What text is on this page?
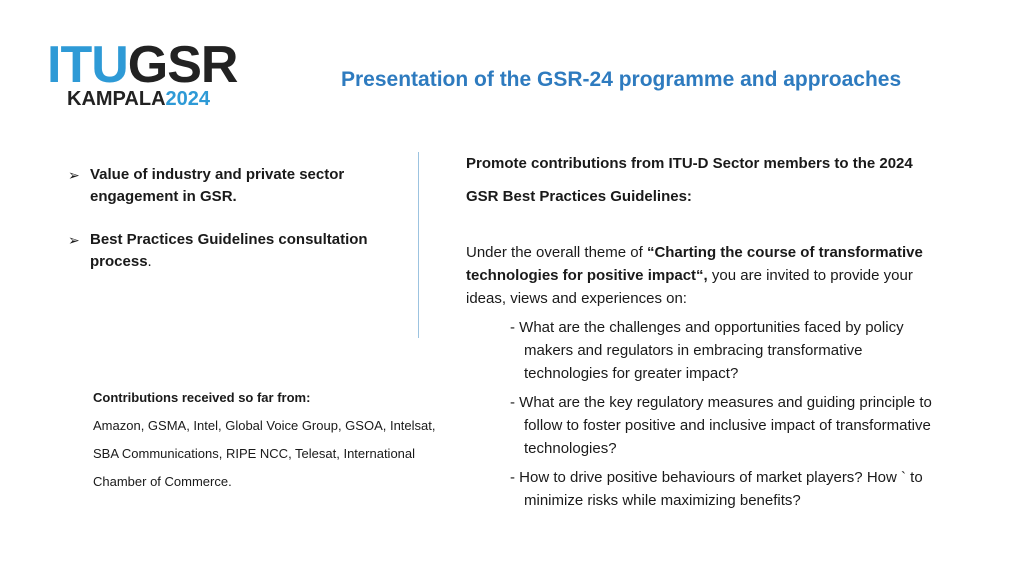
ITUGSR
KAMPALA2024
Presentation of the GSR-24 programme and approaches
➢ Value of industry and private sector engagement in GSR.
➢ Best Practices Guidelines consultation process.
Contributions received so far from:
Amazon, GSMA, Intel, Global Voice Group, GSOA, Intelsat,
SBA Communications, RIPE NCC, Telesat, International
Chamber of Commerce.
Promote contributions from ITU-D Sector members to the 2024
GSR Best Practices Guidelines:
Under the overall theme of “Charting the course of transformative technologies for positive impact“, you are invited to provide your ideas, views and experiences on:
- What are the challenges and opportunities faced by policy makers and regulators in embracing transformative technologies for greater impact?
- What are the key regulatory measures and guiding principle to follow to foster positive and inclusive impact of transformative technologies?
- How to drive positive behaviours of market players? How ` to minimize risks while maximizing benefits?
